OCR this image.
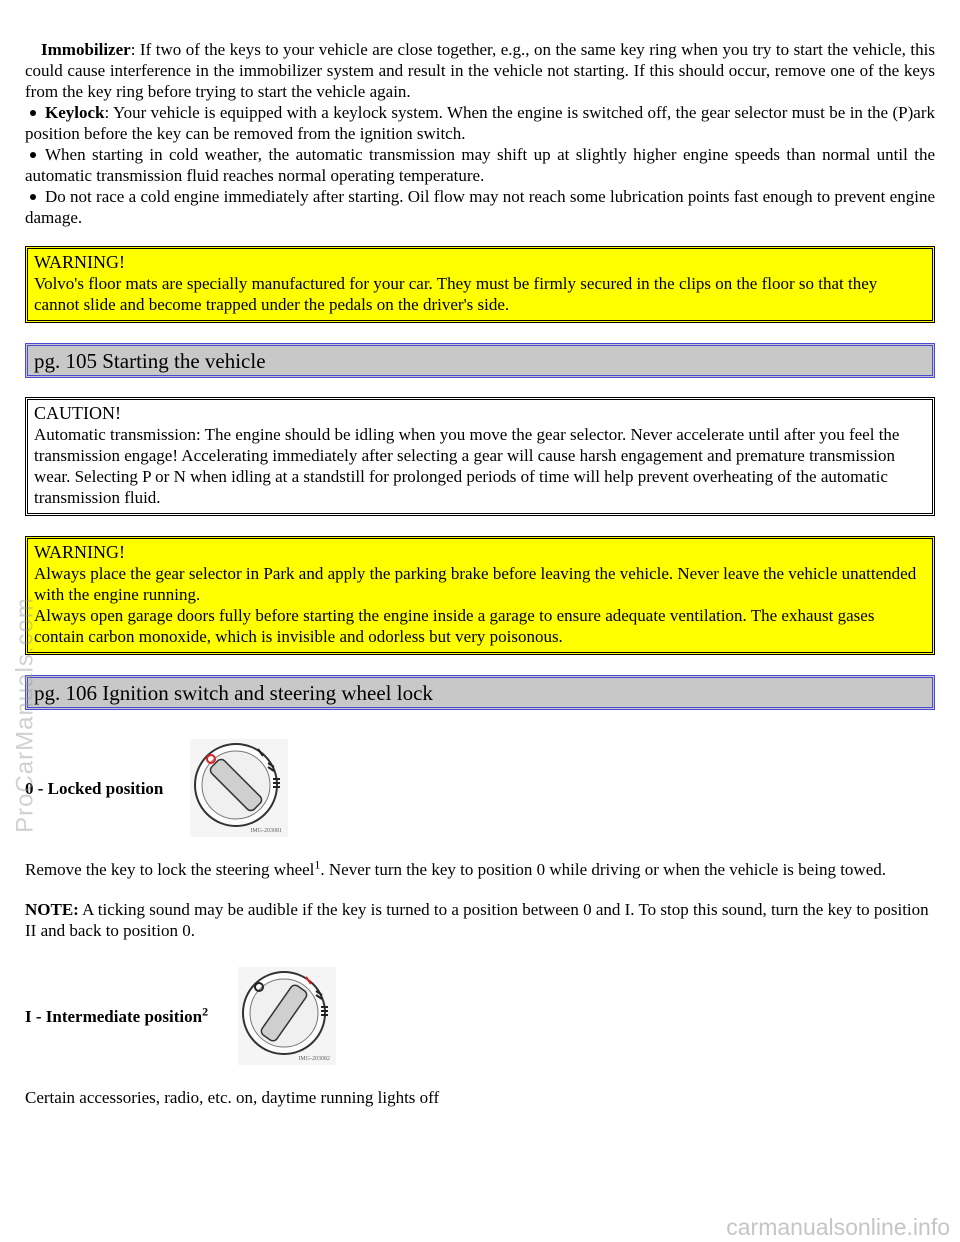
Immobilizer: If two of the keys to your vehicle are close together, e.g., on the same key ring when you try to start the vehicle, this could cause interference in the immobilizer system and result in the vehicle not starting. If this should occur, remove one of the keys from the key ring before trying to start the vehicle again.

Keylock: Your vehicle is equipped with a keylock system. When the engine is switched off, the gear selector must be in the (P)ark position before the key can be removed from the ignition switch.
When starting in cold weather, the automatic transmission may shift up at slightly higher engine speeds than normal until the automatic transmission fluid reaches normal operating temperature.
Do not race a cold engine immediately after starting. Oil flow may not reach some lubrication points fast enough to prevent engine damage.
WARNING!
Volvo's floor mats are specially manufactured for your car. They must be firmly secured in the clips on the floor so that they cannot slide and become trapped under the pedals on the driver's side.
pg. 105 Starting the vehicle
CAUTION!
Automatic transmission: The engine should be idling when you move the gear selector. Never accelerate until after you feel the transmission engage! Accelerating immediately after selecting a gear will cause harsh engagement and premature transmission wear. Selecting P or N when idling at a standstill for prolonged periods of time will help prevent overheating of the automatic transmission fluid.
WARNING!
Always place the gear selector in Park and apply the parking brake before leaving the vehicle. Never leave the vehicle unattended with the engine running.
Always open garage doors fully before starting the engine inside a garage to ensure adequate ventilation. The exhaust gases contain carbon monoxide, which is invisible and odorless but very poisonous.
pg. 106 Ignition switch and steering wheel lock
0 - Locked position
IMG-203081

Remove the key to lock the steering wheel$^1$. Never turn the key to position 0 while driving or when the vehicle is being towed.

NOTE: A ticking sound may be audible if the key is turned to a position between 0 and I. To stop this sound, turn the key to position II and back to position 0.

I - Intermediate position$^2$
IMG-203082

Certain accessories, radio, etc. on, daytime running lights off

ProCarManuals.com
carmanualsonline.info
